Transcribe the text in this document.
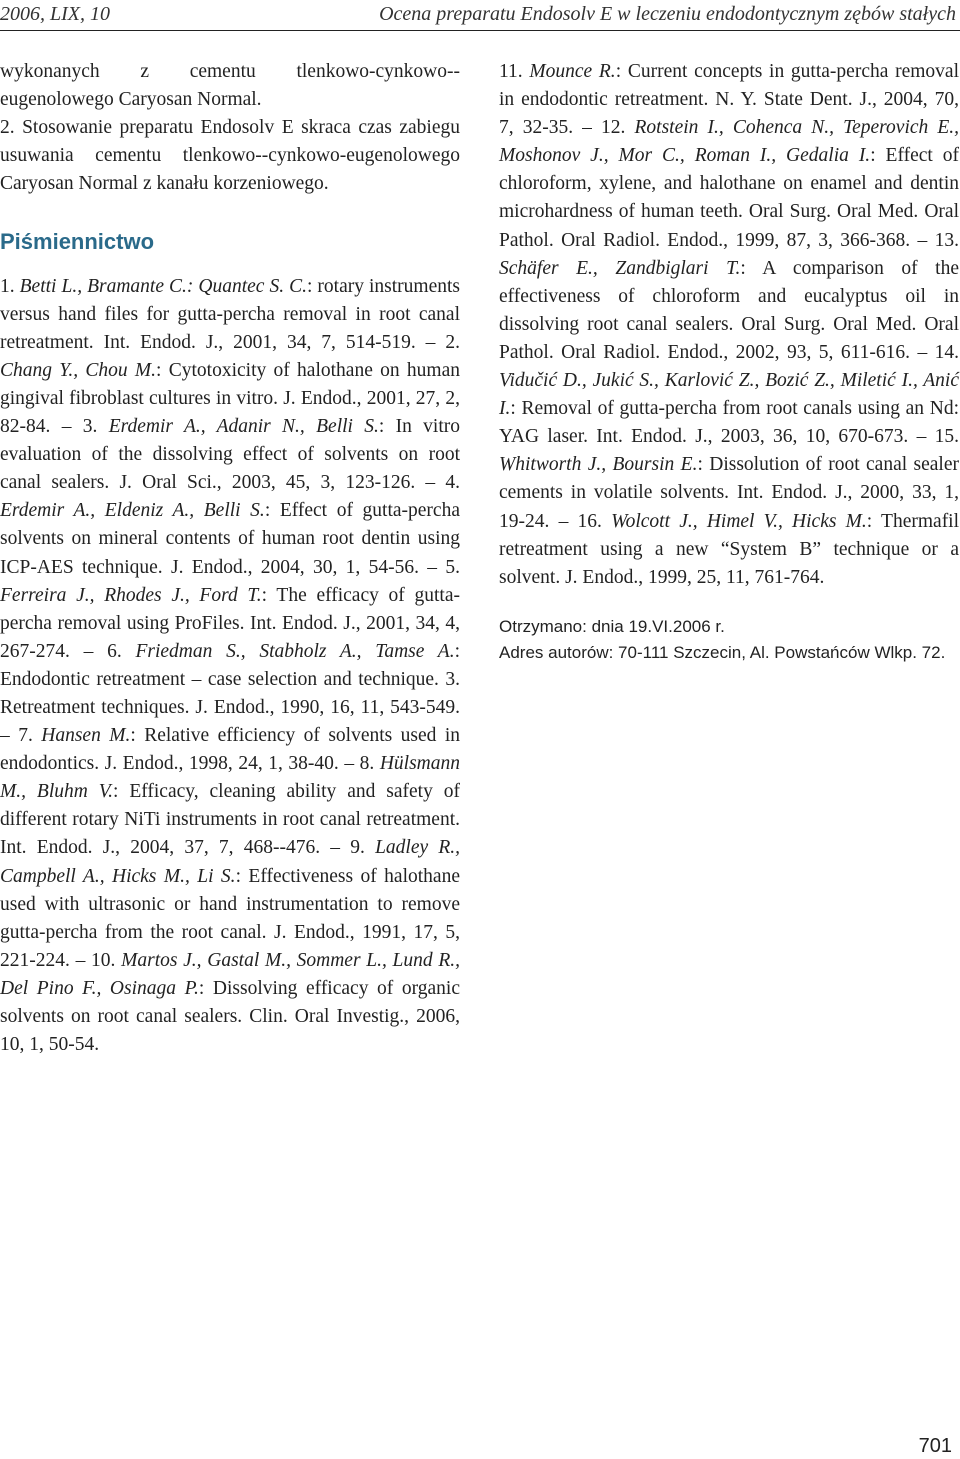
2006, LIX, 10	Ocena preparatu Endosolv E w leczeniu endodontycznym zębów stałych

wykonanych z cementu tlenkowo-cynkowo--eugenolowego Caryosan Normal.

2. Stosowanie preparatu Endosolv E skraca czas zabiegu usuwania cementu tlenkowo--cynkowo-eugenolowego Caryosan Normal z kanału korzeniowego.

Piśmiennictwo

1. Betti L., Bramante C.: Quantec S. C.: rotary instruments versus hand files for gutta-percha removal in root canal retreatment. Int. Endod. J., 2001, 34, 7, 514-519. – 2. Chang Y., Chou M.: Cytotoxicity of halothane on human gingival fibroblast cultures in vitro. J. Endod., 2001, 27, 2, 82-84. – 3. Erdemir A., Adanir N., Belli S.: In vitro evaluation of the dissolving effect of solvents on root canal sealers. J. Oral Sci., 2003, 45, 3, 123-126. – 4. Erdemir A., Eldeniz A., Belli S.: Effect of gutta-percha solvents on mineral contents of human root dentin using ICP-AES technique. J. Endod., 2004, 30, 1, 54-56. – 5. Ferreira J., Rhodes J., Ford T.: The efficacy of gutta-percha removal using ProFiles. Int. Endod. J., 2001, 34, 4, 267-274. – 6. Friedman S., Stabholz A., Tamse A.: Endodontic retreatment – case selection and technique. 3. Retreatment techniques. J. Endod., 1990, 16, 11, 543-549. – 7. Hansen M.: Relative efficiency of solvents used in endodontics. J. Endod., 1998, 24, 1, 38-40. – 8. Hülsmann M., Bluhm V.: Efficacy, cleaning ability and safety of different rotary NiTi instruments in root canal retreatment. Int. Endod. J., 2004, 37, 7, 468--476. – 9. Ladley R., Campbell A., Hicks M., Li S.: Effectiveness of halothane used with ultrasonic or hand instrumentation to remove gutta-percha from the root canal. J. Endod., 1991, 17, 5, 221-224. – 10. Martos J., Gastal M., Sommer L., Lund R., Del Pino F., Osinaga P.: Dissolving efficacy of organic solvents on root canal sealers. Clin. Oral Investig., 2006, 10, 1, 50-54.

11. Mounce R.: Current concepts in gutta-percha removal in endodontic retreatment. N. Y. State Dent. J., 2004, 70, 7, 32-35. – 12. Rotstein I., Cohenca N., Teperovich E., Moshonov J., Mor C., Roman I., Gedalia I.: Effect of chloroform, xylene, and halothane on enamel and dentin microhardness of human teeth. Oral Surg. Oral Med. Oral Pathol. Oral Radiol. Endod., 1999, 87, 3, 366-368. – 13. Schäfer E., Zandbiglari T.: A comparison of the effectiveness of chloroform and eucalyptus oil in dissolving root canal sealers. Oral Surg. Oral Med. Oral Pathol. Oral Radiol. Endod., 2002, 93, 5, 611-616. – 14. Vidučić D., Jukić S., Karlović Z., Bozić Z., Miletić I., Anić I.: Removal of gutta-percha from root canals using an Nd: YAG laser. Int. Endod. J., 2003, 36, 10, 670-673. – 15. Whitworth J., Boursin E.: Dissolution of root canal sealer cements in volatile solvents. Int. Endod. J., 2000, 33, 1, 19-24. – 16. Wolcott J., Himel V., Hicks M.: Thermafil retreatment using a new “System B” technique or a solvent. J. Endod., 1999, 25, 11, 761-764.

Otrzymano: dnia 19.VI.2006 r.
Adres autorów: 70-111 Szczecin, Al. Powstańców Wlkp. 72.
701
